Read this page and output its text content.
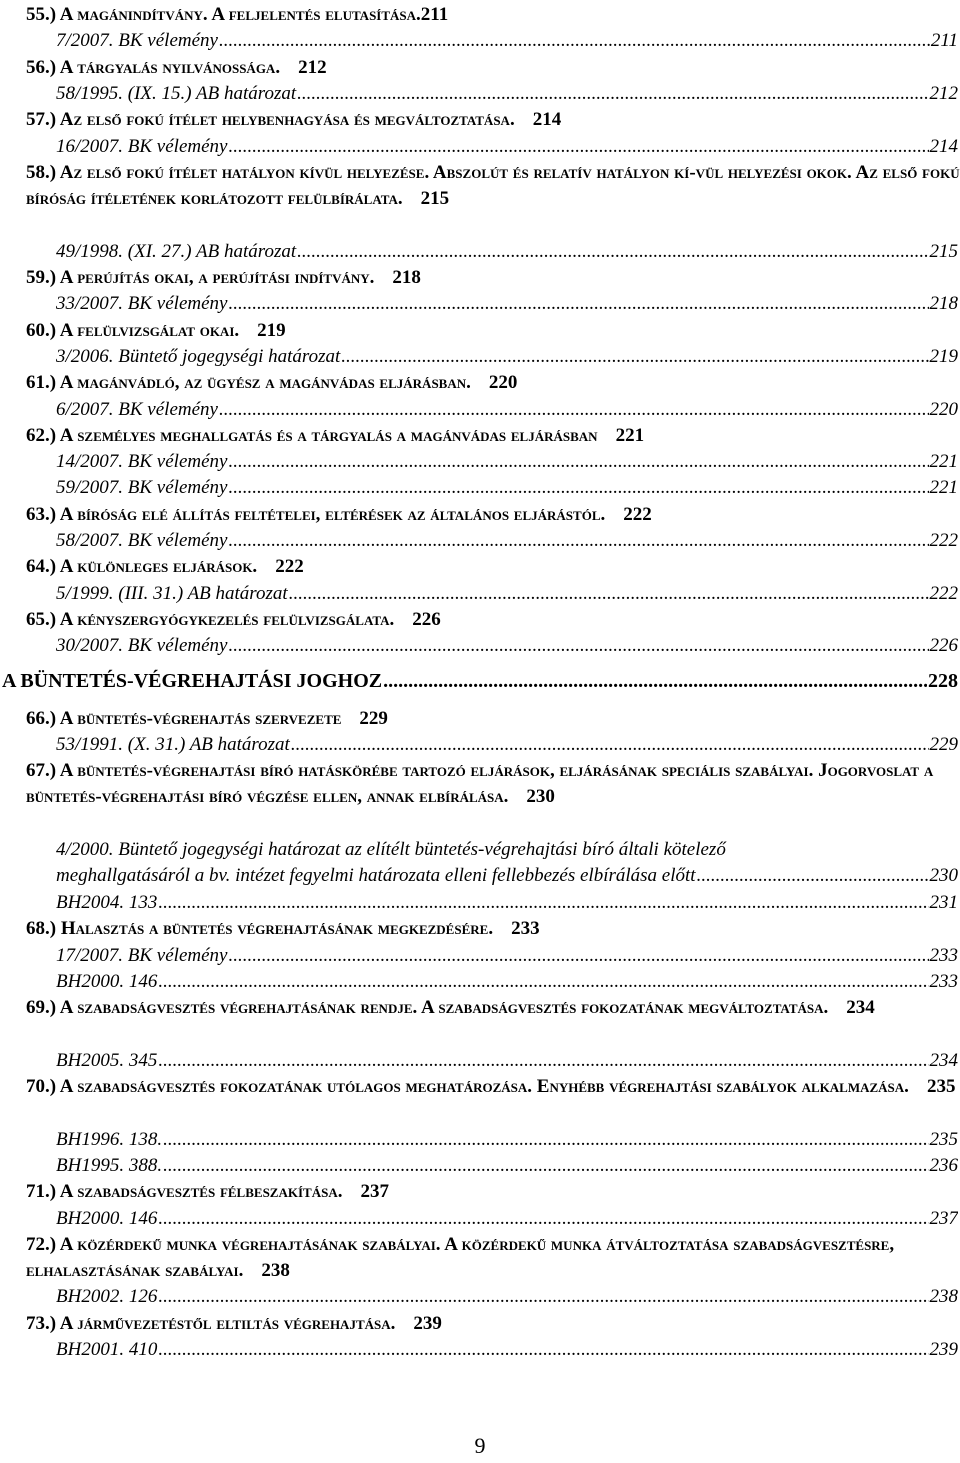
55.) A magánindítvány. A feljelentés elutasítása.211
7/2007. BK vélemény .....	211
56.) A tárgyalás nyilvánossága. 212
58/1995. (IX. 15.) AB határozat .....	212
57.) Az első fokú ítélet helybenhagyása és megváltoztatása. 214
16/2007. BK vélemény .....	214
58.) Az első fokú ítélet hatályon kívül helyezése. Abszolút és relatív hatályon kí-vül helyezési okok. Az első fokú bíróság ítéletének korlátozott felülbírálata. 215
49/1998. (XI. 27.) AB határozat .....	215
59.) A perújítás okai, a perújítási indítvány. 218
33/2007. BK vélemény .....	218
60.) A felülvizsgálat okai. 219
3/2006. Büntető jogegységi határozat .....	219
61.) A magánvádló, az ügyész a magánvádas eljárásban. 220
6/2007. BK vélemény .....	220
62.) A személyes meghallgatás és a tárgyalás a magánvádas eljárásban 221
14/2007. BK vélemény .....	221
59/2007. BK vélemény .....	221
63.) A bíróság elé állítás feltételei, eltérések az általános eljárástól. 222
58/2007. BK vélemény .....	222
64.) A különleges eljárások. 222
5/1999. (III. 31.) AB határozat .....	222
65.) A kényszergyógykezelés felülvizsgálata. 226
30/2007. BK vélemény .....	226
A BÜNTETÉS-VÉGREHAJTÁSI JOGHOZ .....	228
66.) A büntetés-végrehajtás szervezete 229
53/1991. (X. 31.) AB határozat .....	229
67.) A büntetés-végrehajtási bíró hatáskörébe tartozó eljárások, eljárásának speciális szabályai. Jogorvoslat a büntetés-végrehajtási bíró végzése ellen, annak elbírálása. 230
4/2000. Büntető jogegységi határozat az elítélt büntetés-végrehajtási bíró általi kötelező
meghallgatásáról a bv. intézet fegyelmi határozata elleni fellebbezés elbírálása előtt .....	230
BH2004. 133 .....	231
68.) Halasztás a büntetés végrehajtásának megkezdésére. 233
17/2007. BK vélemény .....	233
BH2000. 146 .....	233
69.) A szabadságvesztés végrehajtásának rendje. A szabadságvesztés fokozatának megváltoztatása. 234
BH2005. 345 .....	234
70.) A szabadságvesztés fokozatának utólagos meghatározása. Enyhébb végrehajtási szabályok alkalmazása. 235
BH1996. 138. .....	235
BH1995. 388. .....	236
71.) A szabadságvesztés félbeszakítása. 237
BH2000. 146 .....	237
72.) A közérdekű munka végrehajtásának szabályai. A közérdekű munka átváltoztatása szabadságvesztésre, elhalasztásának szabályai. 238
BH2002. 126 .....	238
73.) A járművezetéstől eltiltás végrehajtása. 239
BH2001. 410 .....	239
9
